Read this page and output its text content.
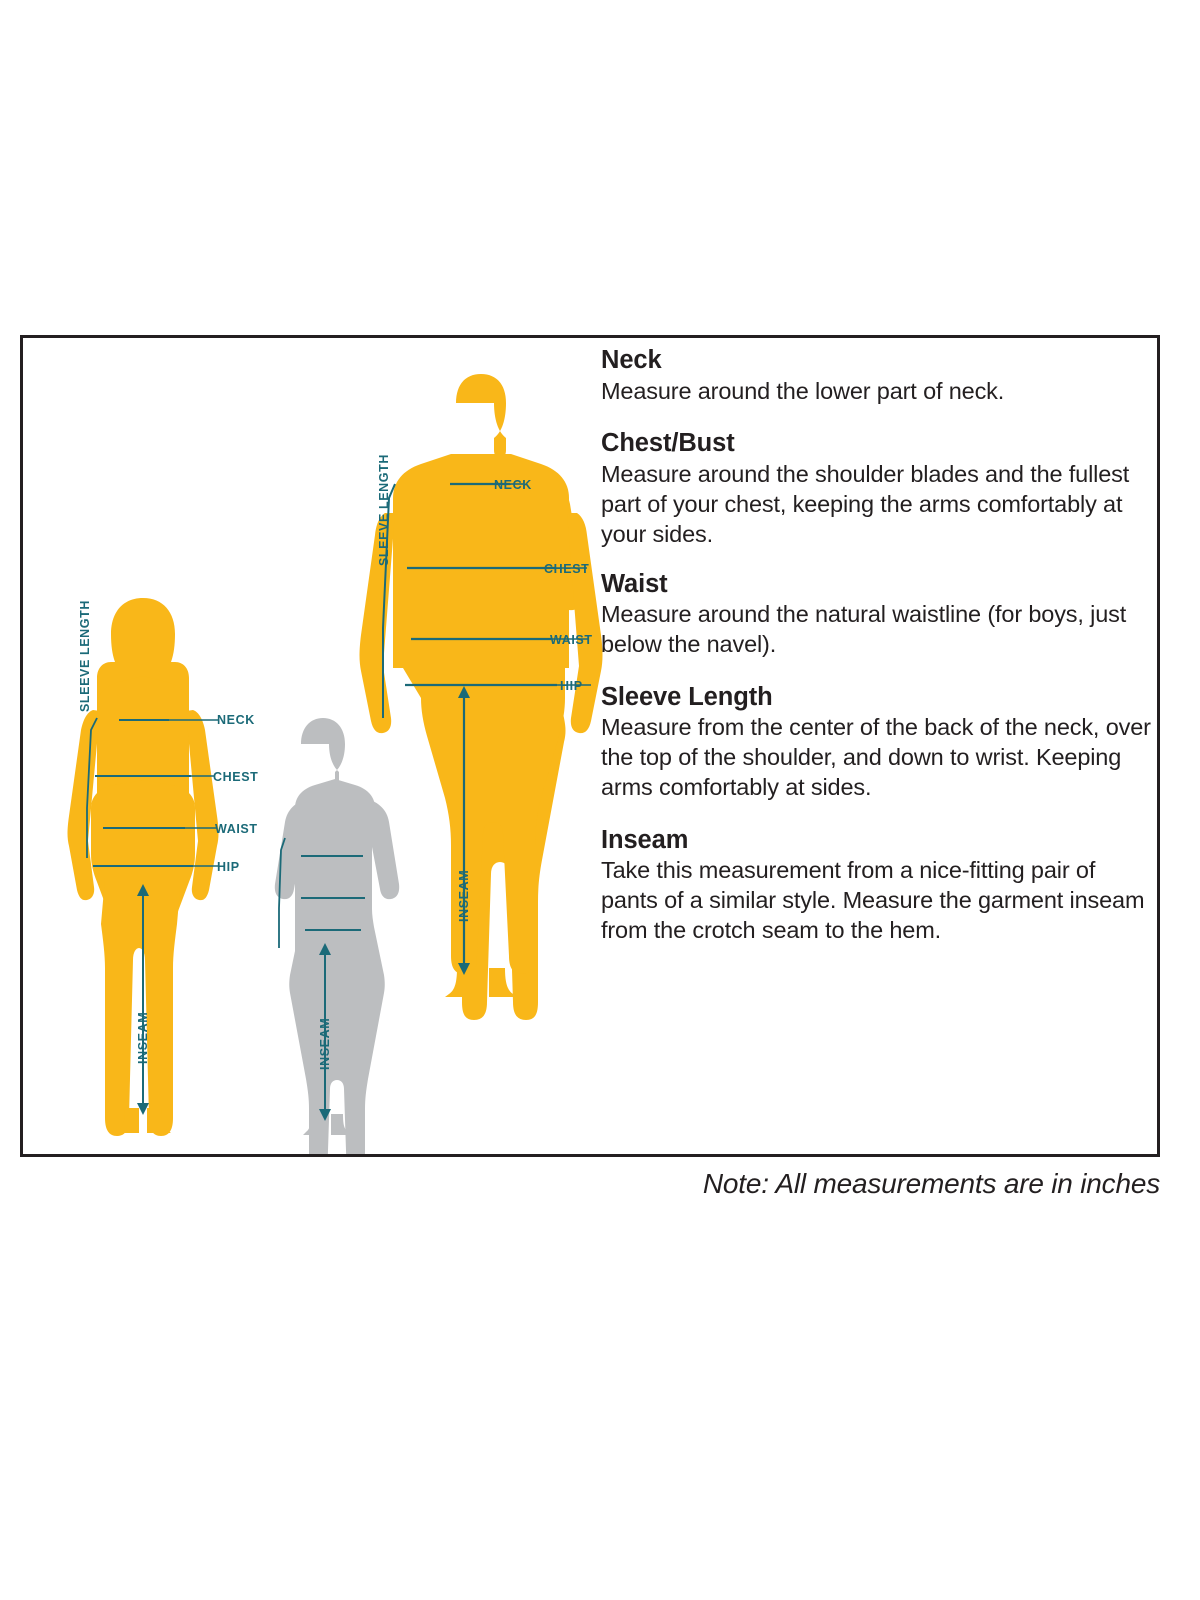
NECK
CHEST
WAIST
HIP
SLEEVE LENGTH
INSEAM
NECK
CHEST
WAIST
HIP
SLEEVE LENGTH
INSEAM	INSEAM
Neck
Measure around the lower part of neck.
Chest/Bust
Measure around the shoulder blades and the fullest part of your chest, keeping the arms comfortably at your sides.
Waist
Measure around the natural waistline (for boys, just below the navel).
Sleeve Length
Measure from the center of the back of the neck, over the top of the shoulder, and down to wrist. Keeping arms comfortably at sides.
Inseam
Take this measurement from a nice-fitting pair of pants of a similar style. Measure the garment inseam from the crotch seam to the hem.
Note: All measurements are in inches
